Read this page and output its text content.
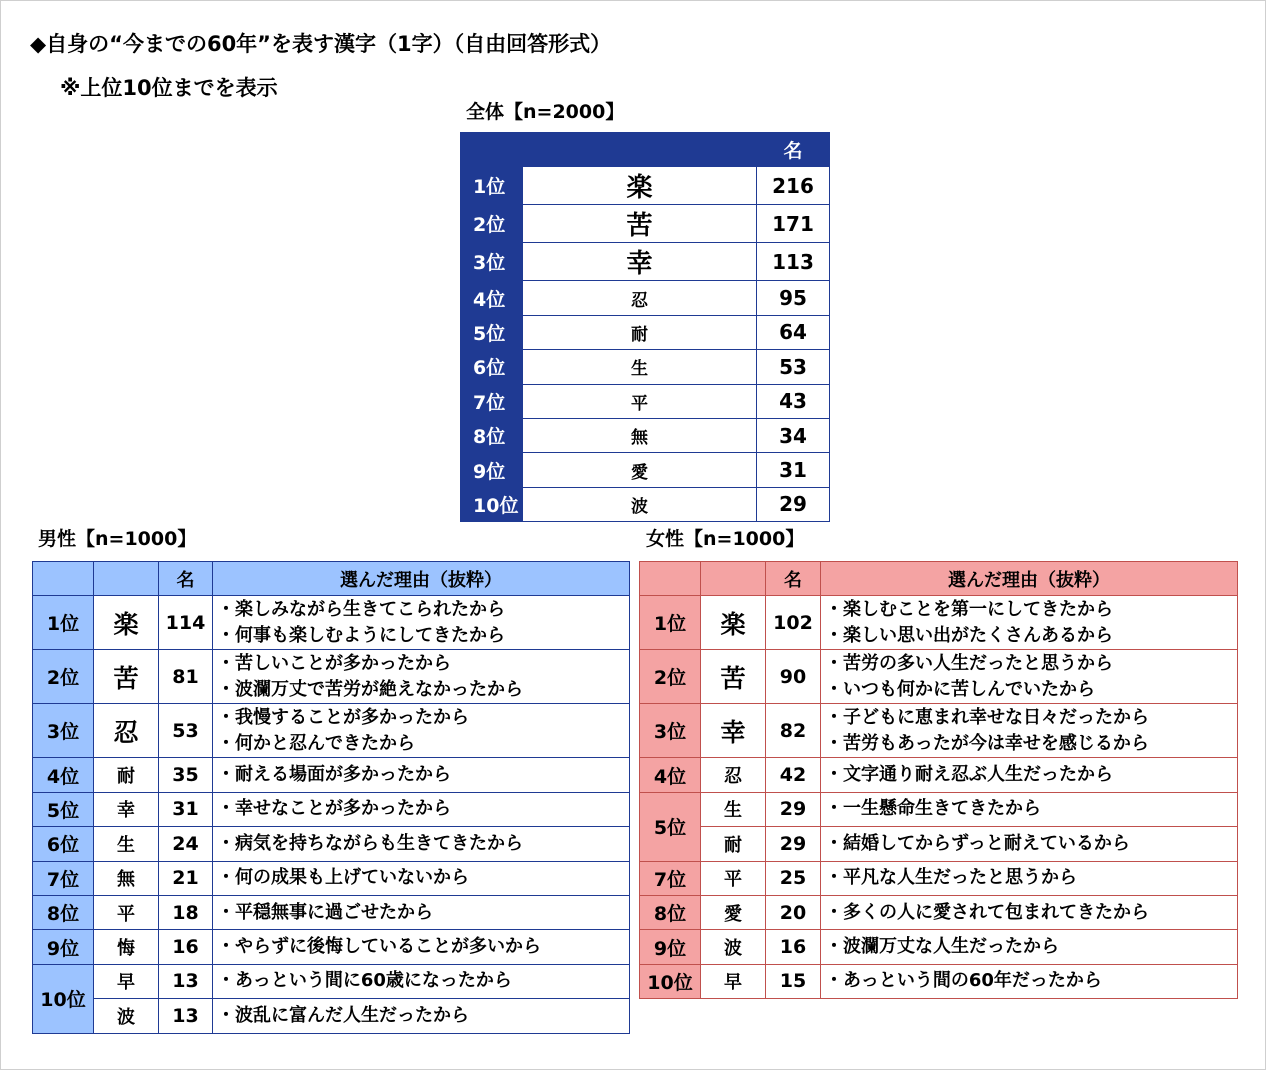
◆自身の“今までの60年”を表す漢字（1字）（自由回答形式）
※上位10位までを表示
全体【n=2000】
		名
1位	楽	216
2位	苦	171
3位	幸	113
4位	忍	95
5位	耐	64
6位	生	53
7位	平	43
8位	無	34
9位	愛	31
10位	波	29
男性【n=1000】	女性【n=1000】
		名	選んだ理由（抜粋）
1位	楽	114	・楽しみながら生きてこられたから
・何事も楽しむようにしてきたから

2位	苦	81	・苦しいことが多かったから
・波瀾万丈で苦労が絶えなかったから

3位	忍	53	・我慢することが多かったから
・何かと忍んできたから

4位	耐	35	・耐える場面が多かったから
5位	幸	31	・幸せなことが多かったから
6位	生	24	・病気を持ちながらも生きてきたから
7位	無	21	・何の成果も上げていないから
8位	平	18	・平穏無事に過ごせたから
9位	悔	16	・やらずに後悔していることが多いから
10位	早	13	・あっという間に60歳になったから
	波	13	・波乱に富んだ人生だったから
		名	選んだ理由（抜粋）
1位	楽	102	・楽しむことを第一にしてきたから
・楽しい思い出がたくさんあるから

2位	苦	90	・苦労の多い人生だったと思うから
・いつも何かに苦しんでいたから

3位	幸	82	・子どもに恵まれ幸せな日々だったから
・苦労もあったが今は幸せを感じるから

4位	忍	42	・文字通り耐え忍ぶ人生だったから
5位	生	29	・一生懸命生きてきたから
	耐	29	・結婚してからずっと耐えているから
7位	平	25	・平凡な人生だったと思うから
8位	愛	20	・多くの人に愛されて包まれてきたから
9位	波	16	・波瀾万丈な人生だったから
10位	早	15	・あっという間の60年だったから
